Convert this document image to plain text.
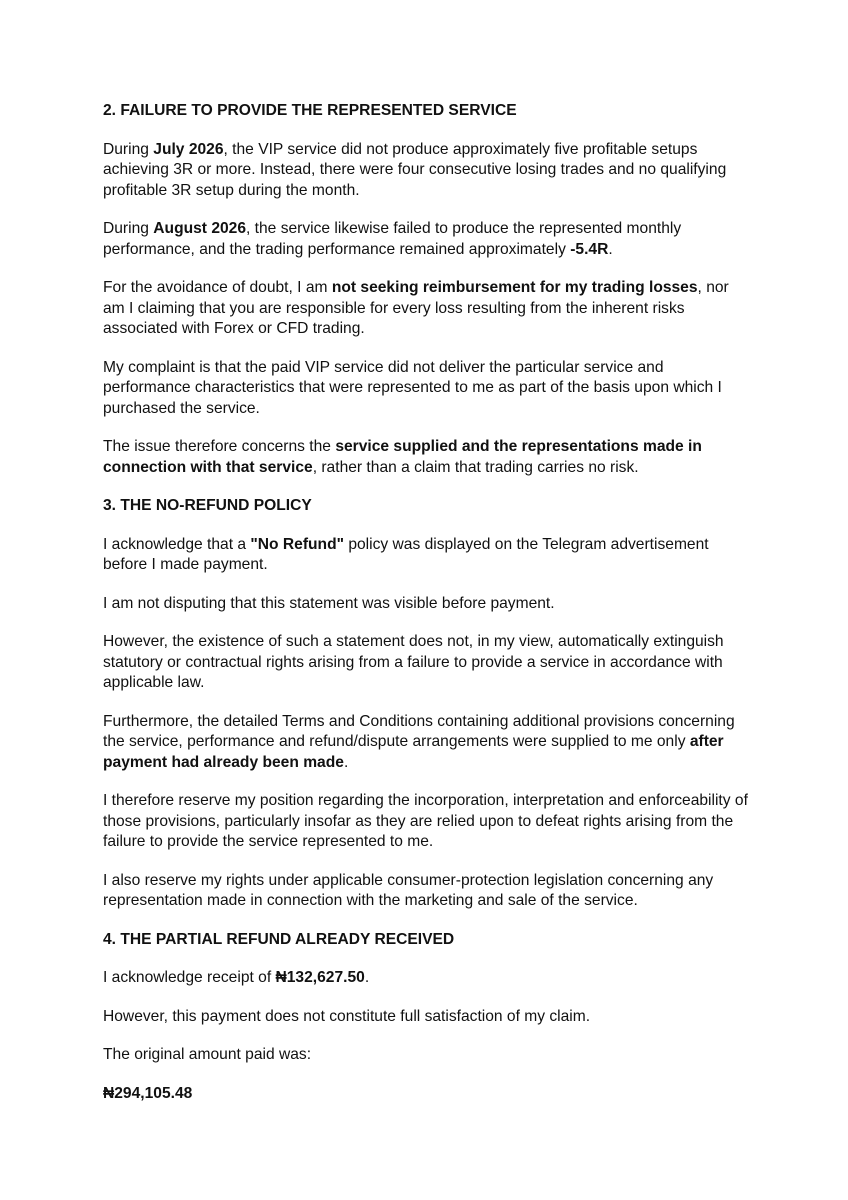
2. FAILURE TO PROVIDE THE REPRESENTED SERVICE

During July 2026, the VIP service did not produce approximately five profitable setups achieving 3R or more. Instead, there were four consecutive losing trades and no qualifying profitable 3R setup during the month.

During August 2026, the service likewise failed to produce the represented monthly performance, and the trading performance remained approximately -5.4R.

For the avoidance of doubt, I am not seeking reimbursement for my trading losses, nor am I claiming that you are responsible for every loss resulting from the inherent risks associated with Forex or CFD trading.

My complaint is that the paid VIP service did not deliver the particular service and performance characteristics that were represented to me as part of the basis upon which I purchased the service.

The issue therefore concerns the service supplied and the representations made in connection with that service, rather than a claim that trading carries no risk.

3. THE NO-REFUND POLICY

I acknowledge that a "No Refund" policy was displayed on the Telegram advertisement before I made payment.

I am not disputing that this statement was visible before payment.

However, the existence of such a statement does not, in my view, automatically extinguish statutory or contractual rights arising from a failure to provide a service in accordance with applicable law.

Furthermore, the detailed Terms and Conditions containing additional provisions concerning the service, performance and refund/dispute arrangements were supplied to me only after payment had already been made.

I therefore reserve my position regarding the incorporation, interpretation and enforceability of those provisions, particularly insofar as they are relied upon to defeat rights arising from the failure to provide the service represented to me.

I also reserve my rights under applicable consumer-protection legislation concerning any representation made in connection with the marketing and sale of the service.

4. THE PARTIAL REFUND ALREADY RECEIVED

I acknowledge receipt of ₦132,627.50.

However, this payment does not constitute full satisfaction of my claim.

The original amount paid was:

₦294,105.48
